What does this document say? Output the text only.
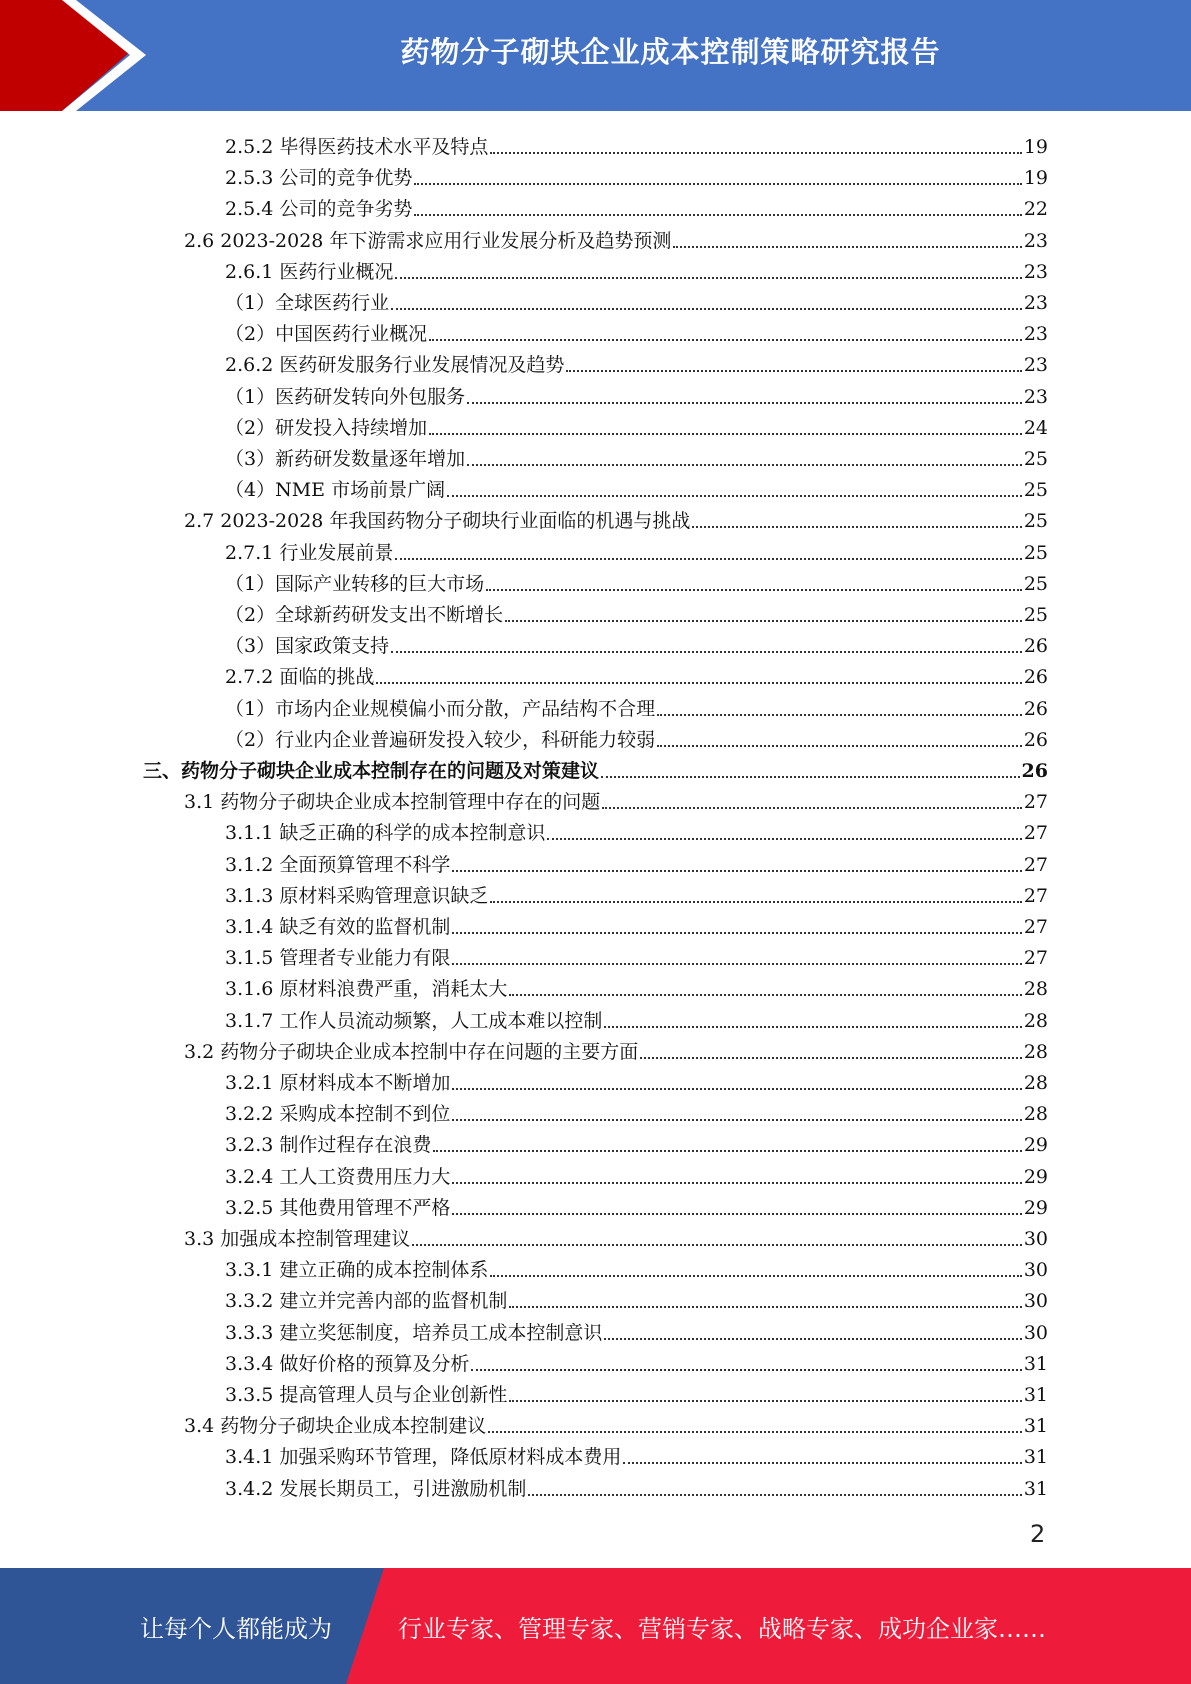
药物分子砌块企业成本控制策略研究报告
2.5.2 毕得医药技术水平及特点	19
2.5.3 公司的竞争优势	19
2.5.4 公司的竞争劣势	22
2.6 2023-2028 年下游需求应用行业发展分析及趋势预测	23
2.6.1 医药行业概况	23
（1）全球医药行业	23
（2）中国医药行业概况	23
2.6.2 医药研发服务行业发展情况及趋势	23
（1）医药研发转向外包服务	23
（2）研发投入持续增加	24
（3）新药研发数量逐年增加	25
（4）NME 市场前景广阔	25
2.7 2023-2028 年我国药物分子砌块行业面临的机遇与挑战	25
2.7.1 行业发展前景	25
（1）国际产业转移的巨大市场	25
（2）全球新药研发支出不断增长	25
（3）国家政策支持	26
2.7.2 面临的挑战	26
（1）市场内企业规模偏小而分散，产品结构不合理	26
（2）行业内企业普遍研发投入较少，科研能力较弱	26
三、药物分子砌块企业成本控制存在的问题及对策建议	26
3.1 药物分子砌块企业成本控制管理中存在的问题	27
3.1.1 缺乏正确的科学的成本控制意识	27
3.1.2 全面预算管理不科学	27
3.1.3 原材料采购管理意识缺乏	27
3.1.4 缺乏有效的监督机制	27
3.1.5 管理者专业能力有限	27
3.1.6 原材料浪费严重，消耗太大	28
3.1.7 工作人员流动频繁，人工成本难以控制	28
3.2 药物分子砌块企业成本控制中存在问题的主要方面	28
3.2.1 原材料成本不断增加	28
3.2.2 采购成本控制不到位	28
3.2.3 制作过程存在浪费	29
3.2.4 工人工资费用压力大	29
3.2.5 其他费用管理不严格	29
3.3 加强成本控制管理建议	30
3.3.1 建立正确的成本控制体系	30
3.3.2 建立并完善内部的监督机制	30
3.3.3 建立奖惩制度，培养员工成本控制意识	30
3.3.4 做好价格的预算及分析	31
3.3.5 提高管理人员与企业创新性	31
3.4 药物分子砌块企业成本控制建议	31
3.4.1 加强采购环节管理，降低原材料成本费用	31
3.4.2 发展长期员工，引进激励机制	31
2
让每个人都能成为	行业专家、管理专家、营销专家、战略专家、成功企业家……
